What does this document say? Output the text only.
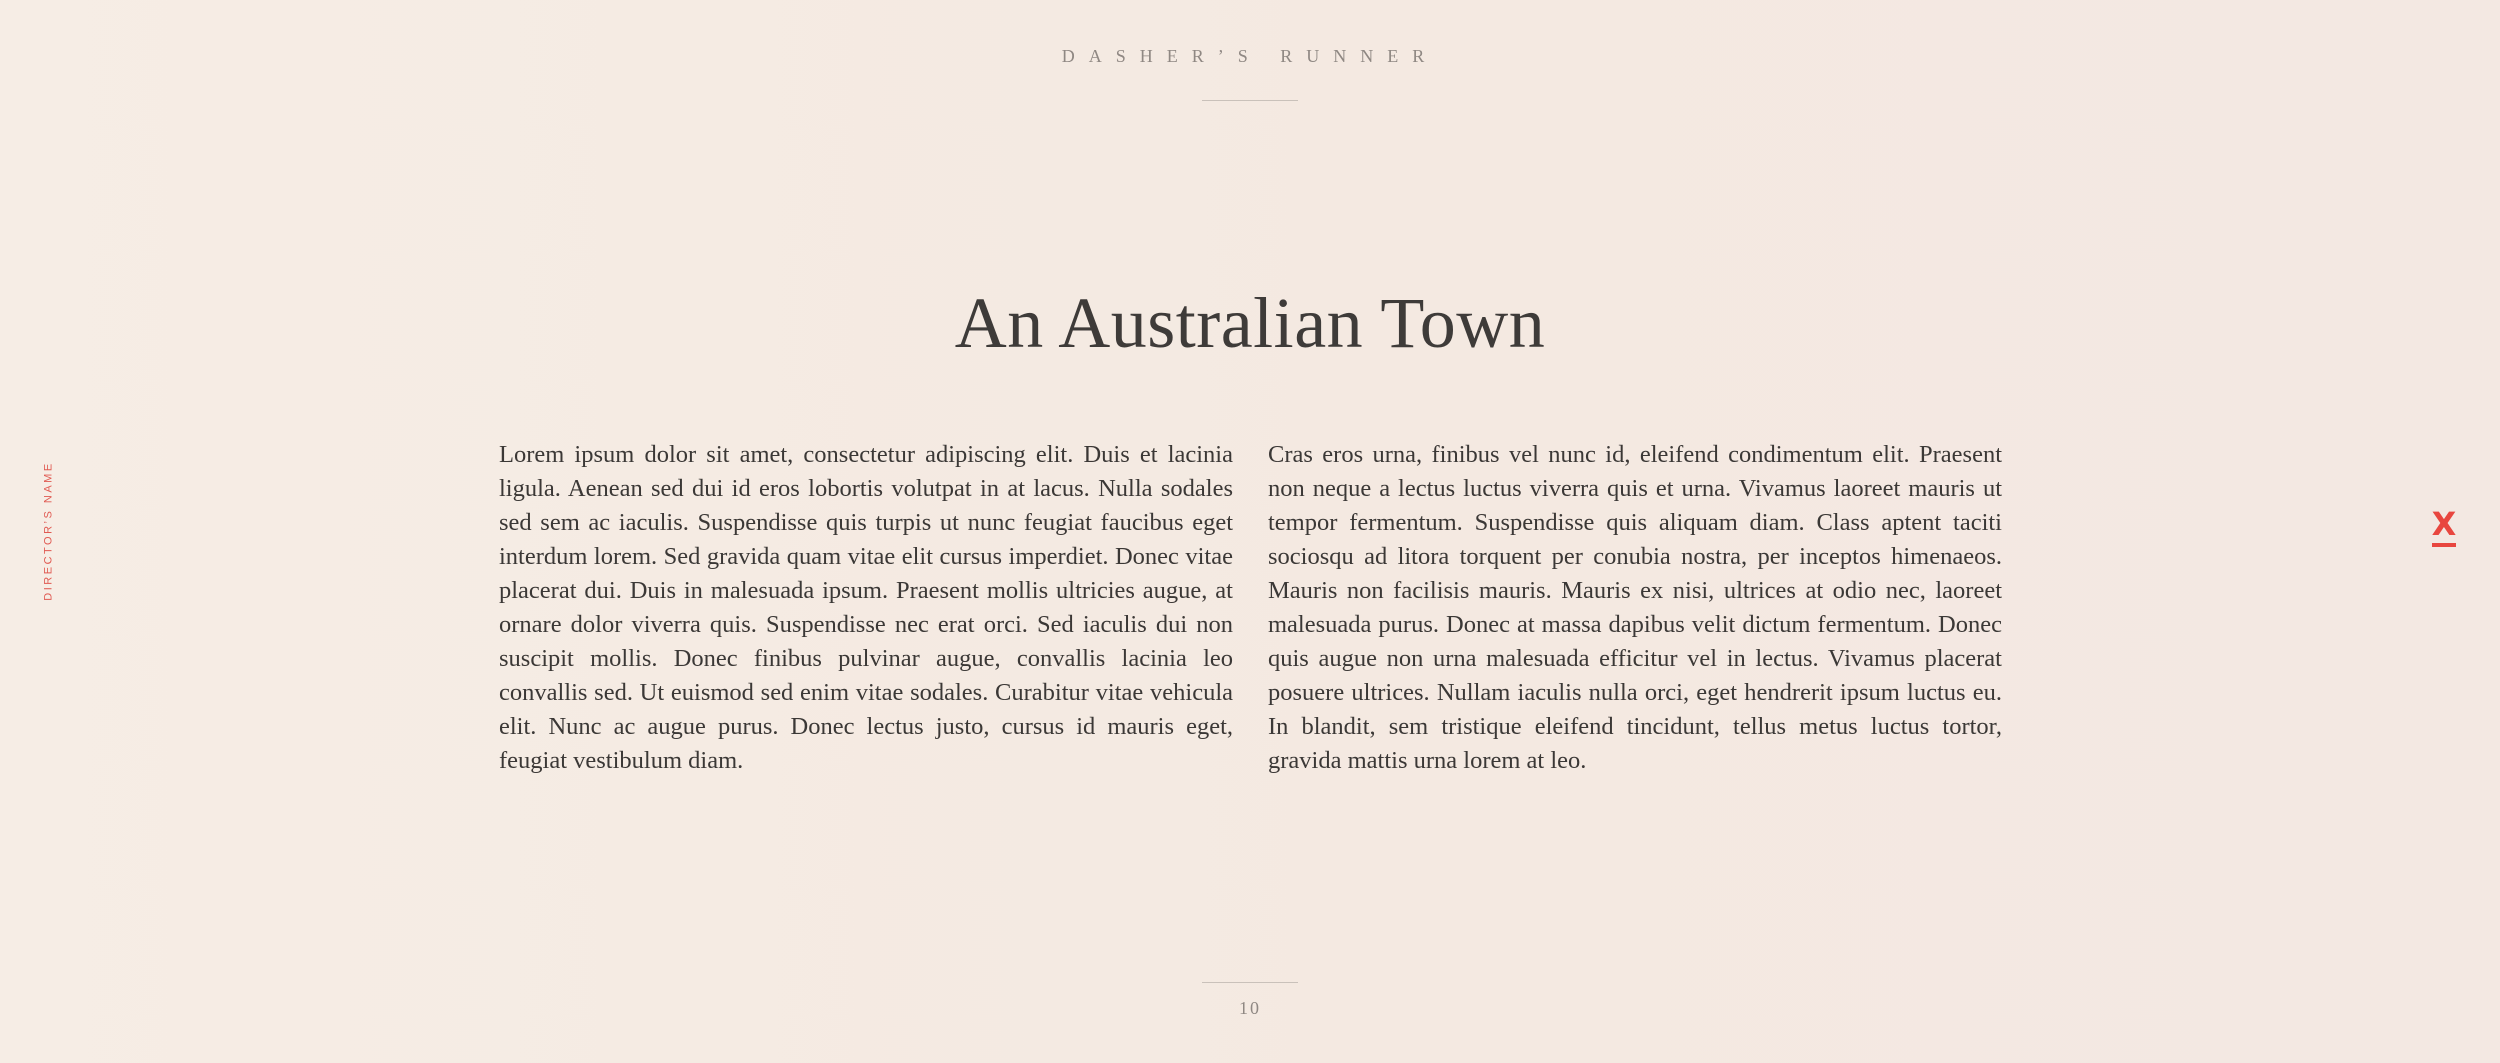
DASHER’S RUNNER
DIRECTOR’S NAME
An Australian Town

Lorem ipsum dolor sit amet, consectetur adipiscing elit. Duis et lacinia ligula. Aenean sed dui id eros lobortis volutpat in at lacus. Nulla sodales sed sem ac iaculis. Suspendisse quis turpis ut nunc feugiat faucibus eget interdum lorem. Sed gravida quam vitae elit cursus imperdiet. Donec vitae placerat dui. Duis in malesuada ipsum. Praesent mollis ultricies augue, at ornare dolor viverra quis. Suspendisse nec erat orci. Sed iaculis dui non suscipit mollis. Donec finibus pulvinar augue, convallis lacinia leo convallis sed. Ut euismod sed enim vitae sodales. Curabitur vitae vehicula elit. Nunc ac augue purus. Donec lectus justo, cursus id mauris eget, feugiat vestibulum diam.

Cras eros urna, finibus vel nunc id, eleifend condimentum elit. Praesent non neque a lectus luctus viverra quis et urna. Vivamus laoreet mauris ut tempor fermentum. Suspendisse quis aliquam diam. Class aptent taciti sociosqu ad litora torquent per conubia nostra, per inceptos himenaeos. Mauris non facilisis mauris. Mauris ex nisi, ultrices at odio nec, laoreet malesuada purus. Donec at massa dapibus velit dictum fermentum. Donec quis augue non urna malesuada efficitur vel in lectus. Vivamus placerat posuere ultrices. Nullam iaculis nulla orci, eget hendrerit ipsum luctus eu. In blandit, sem tristique eleifend tincidunt, tellus metus luctus tortor, gravida mattis urna lorem at leo.

X
10
